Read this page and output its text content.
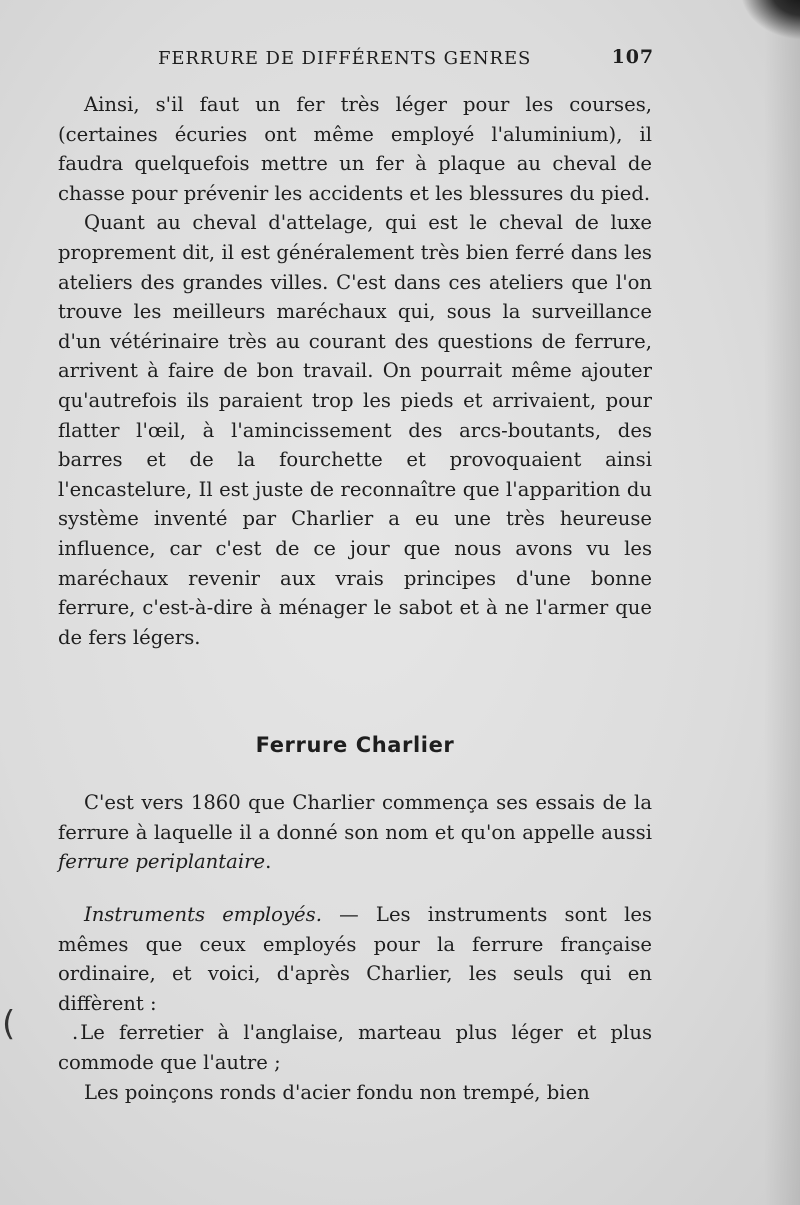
(
FERRURE DE DIFFÉRENTS GENRES	107

Ainsi, s'il faut un fer très léger pour les courses, (certaines écuries ont même employé l'aluminium), il faudra quelquefois mettre un fer à plaque au cheval de chasse pour prévenir les accidents et les blessures du pied.

Quant au cheval d'attelage, qui est le cheval de luxe proprement dit, il est généralement très bien ferré dans les ateliers des grandes villes. C'est dans ces ateliers que l'on trouve les meilleurs maréchaux qui, sous la surveillance d'un vétérinaire très au courant des questions de ferrure, arrivent à faire de bon travail. On pourrait même ajouter qu'autrefois ils paraient trop les pieds et arrivaient, pour flatter l'œil, à l'amincissement des arcs-boutants, des barres et de la fourchette et provoquaient ainsi l'encastelure, Il est juste de reconnaître que l'apparition du système inventé par Charlier a eu une très heureuse influence, car c'est de ce jour que nous avons vu les maréchaux revenir aux vrais principes d'une bonne ferrure, c'est-à-dire à ménager le sabot et à ne l'armer que de fers légers.

Ferrure Charlier

C'est vers 1860 que Charlier commença ses essais de la ferrure à laquelle il a donné son nom et qu'on appelle aussi ferrure periplantaire.

Instruments employés. — Les instruments sont les mêmes que ceux employés pour la ferrure française ordinaire, et voici, d'après Charlier, les seuls qui en diffèrent :

. Le ferretier à l'anglaise, marteau plus léger et plus commode que l'autre ;

Les poinçons ronds d'acier fondu non trempé, bien
